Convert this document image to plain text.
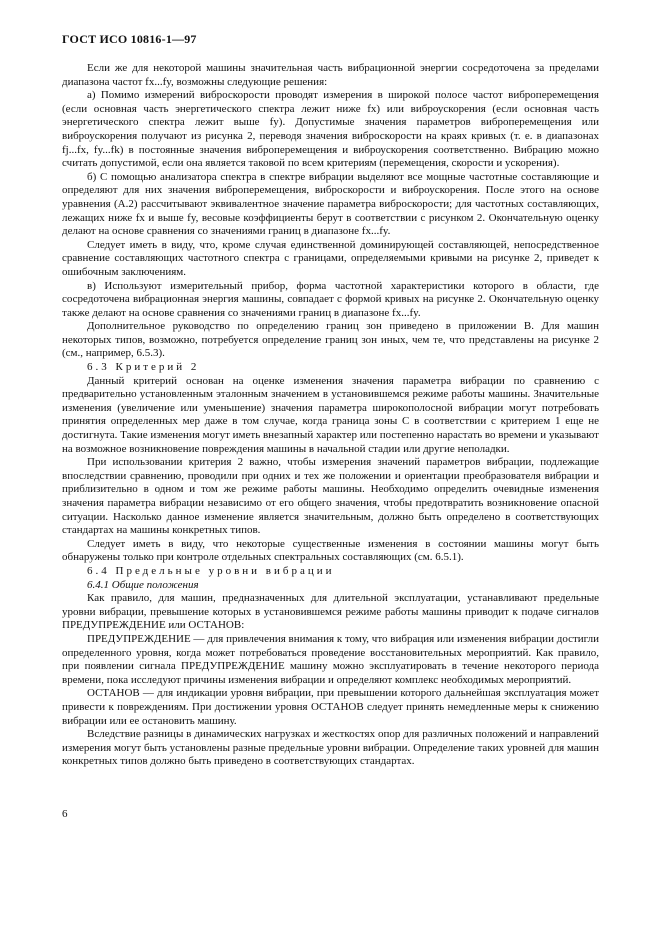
ГОСТ ИСО 10816-1—97

Если же для некоторой машины значительная часть вибрационной энергии сосредоточена за пределами диапазона частот fx...fy, возможны следующие решения:

а) Помимо измерений виброскорости проводят измерения в широкой полосе частот виброперемещения (если основная часть энергетического спектра лежит ниже fx) или виброускорения (если основная часть энергетического спектра лежит выше fy). Допустимые значения параметров виброперемещения или виброускорения получают из рисунка 2, переводя значения виброскорости на краях кривых (т. е. в диапазонах fj...fx, fy...fk) в постоянные значения виброперемещения и виброускорения соответственно. Вибрацию можно считать допустимой, если она является таковой по всем критериям (перемещения, скорости и ускорения).

б) С помощью анализатора спектра в спектре вибрации выделяют все мощные частотные составляющие и определяют для них значения виброперемещения, виброскорости и виброускорения. После этого на основе уравнения (А.2) рассчитывают эквивалентное значение параметра виброскорости; для частотных составляющих, лежащих ниже fx и выше fy, весовые коэффициенты берут в соответствии с рисунком 2. Окончательную оценку делают на основе сравнения со значениями границ в диапазоне fx...fy.

Следует иметь в виду, что, кроме случая единственной доминирующей составляющей, непосредственное сравнение составляющих частотного спектра с границами, определяемыми кривыми на рисунке 2, приведет к ошибочным заключениям.

в) Используют измерительный прибор, форма частотной характеристики которого в области, где сосредоточена вибрационная энергия машины, совпадает с формой кривых на рисунке 2. Окончательную оценку также делают на основе сравнения со значениями границ в диапазоне fx...fy.

Дополнительное руководство по определению границ зон приведено в приложении В. Для машин некоторых типов, возможно, потребуется определение границ зон иных, чем те, что представлены на рисунке 2 (см., например, 6.5.3).

6.3 Критерий 2

Данный критерий основан на оценке изменения значения параметра вибрации по сравнению с предварительно установленным эталонным значением в установившемся режиме работы машины. Значительные изменения (увеличение или уменьшение) значения параметра широкополосной вибрации могут потребовать принятия определенных мер даже в том случае, когда граница зоны С в соответствии с критерием 1 еще не достигнута. Такие изменения могут иметь внезапный характер или постепенно нарастать во времени и указывают на возможное возникновение повреждения машины в начальной стадии или другие неполадки.

При использовании критерия 2 важно, чтобы измерения значений параметров вибрации, подлежащие впоследствии сравнению, проводили при одних и тех же положении и ориентации преобразователя вибрации и приблизительно в одном и том же режиме работы машины. Необходимо определить очевидные изменения значения параметра вибрации независимо от его общего значения, чтобы предотвратить возникновение опасной ситуации. Насколько данное изменение является значительным, должно быть определено в соответствующих стандартах на машины конкретных типов.

Следует иметь в виду, что некоторые существенные изменения в состоянии машины могут быть обнаружены только при контроле отдельных спектральных составляющих (см. 6.5.1).

6.4 Предельные уровни вибрации

6.4.1 Общие положения

Как правило, для машин, предназначенных для длительной эксплуатации, устанавливают предельные уровни вибрации, превышение которых в установившемся режиме работы машины приводит к подаче сигналов ПРЕДУПРЕЖДЕНИЕ или ОСТАНОВ:

ПРЕДУПРЕЖДЕНИЕ — для привлечения внимания к тому, что вибрация или изменения вибрации достигли определенного уровня, когда может потребоваться проведение восстановительных мероприятий. Как правило, при появлении сигнала ПРЕДУПРЕЖДЕНИЕ машину можно эксплуатировать в течение некоторого периода времени, пока исследуют причины изменения вибрации и определяют комплекс необходимых мероприятий.

ОСТАНОВ — для индикации уровня вибрации, при превышении которого дальнейшая эксплуатация может привести к повреждениям. При достижении уровня ОСТАНОВ следует принять немедленные меры к снижению вибрации или ее остановить машину.

Вследствие разницы в динамических нагрузках и жесткостях опор для различных положений и направлений измерения могут быть установлены разные предельные уровни вибрации. Определение таких уровней для машин конкретных типов должно быть приведено в соответствующих стандартах.

6
